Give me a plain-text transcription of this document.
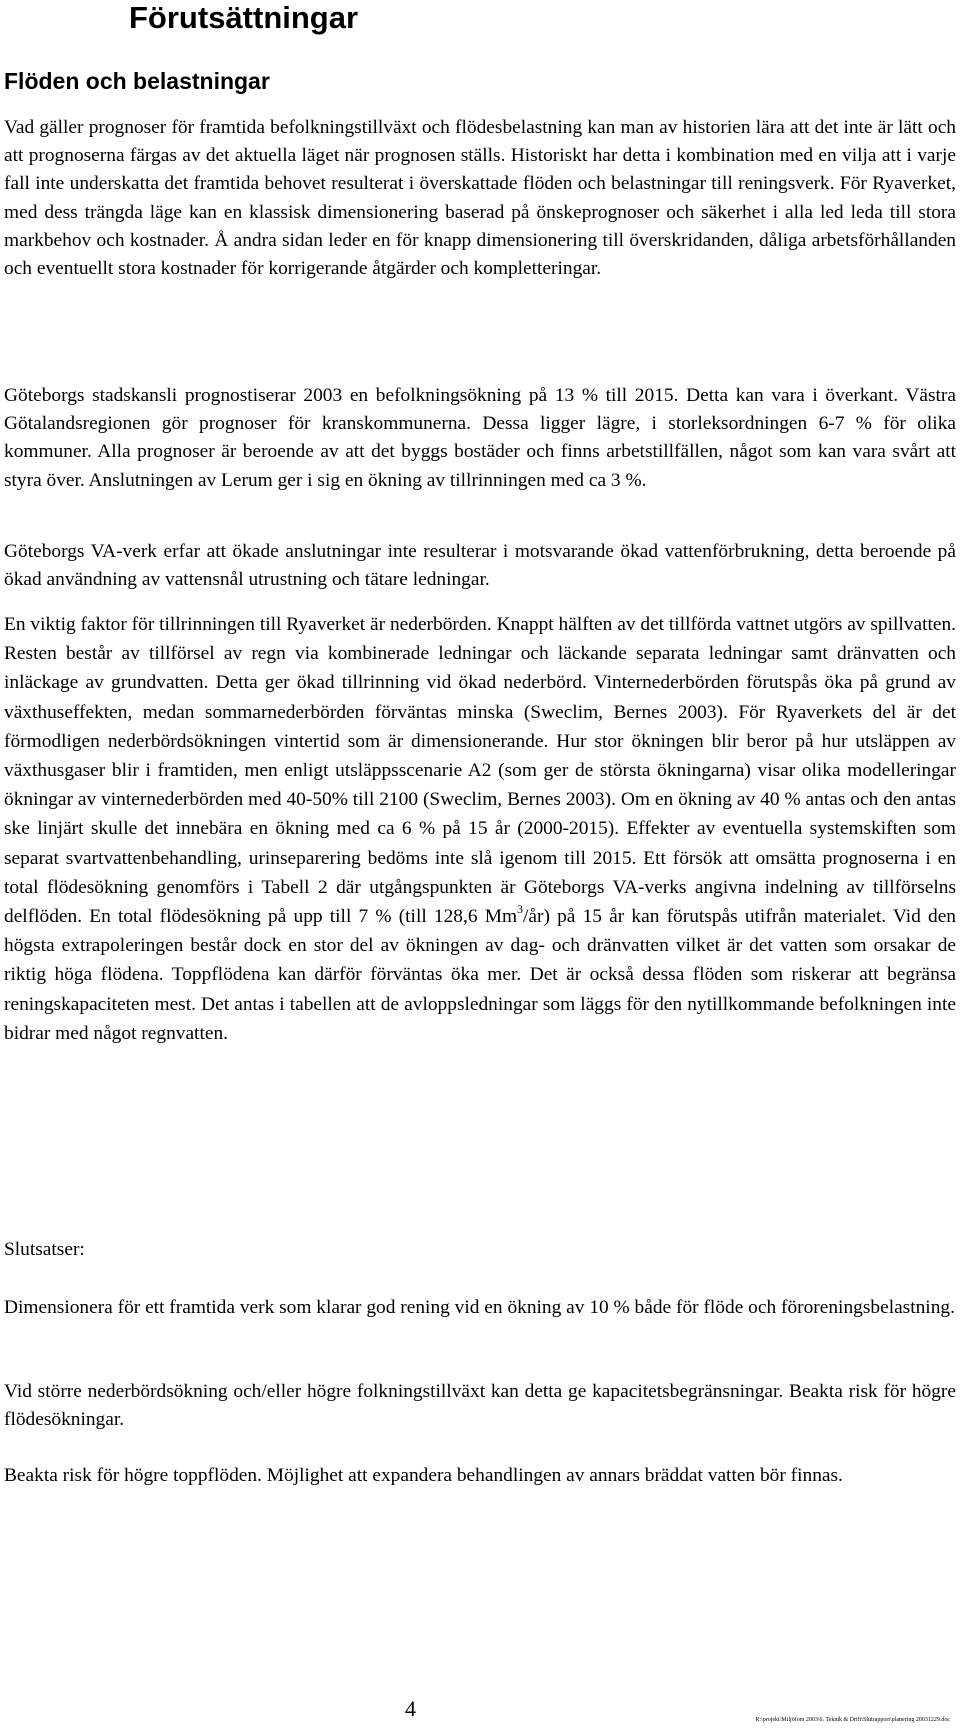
Förutsättningar
Flöden och belastningar

Vad gäller prognoser för framtida befolkningstillväxt och flödesbelastning kan man av historien lära att det inte är lätt och att prognoserna färgas av det aktuella läget när prognosen ställs. Historiskt har detta i kombination med en vilja att i varje fall inte underskatta det framtida behovet resulterat i överskattade flöden och belastningar till reningsverk. För Ryaverket, med dess trängda läge kan en klassisk dimensionering baserad på önskeprognoser och säkerhet i alla led leda till stora markbehov och kostnader. Å andra sidan leder en för knapp dimensionering till överskridanden, dåliga arbetsförhållanden och eventuellt stora kostnader för korrigerande åtgärder och kompletteringar.

Göteborgs stadskansli prognostiserar 2003 en befolkningsökning på 13 % till 2015. Detta kan vara i överkant. Västra Götalandsregionen gör prognoser för kranskommunerna. Dessa ligger lägre, i storleksordningen 6-7 % för olika kommuner. Alla prognoser är beroende av att det byggs bostäder och finns arbetstillfällen, något som kan vara svårt att styra över. Anslutningen av Lerum ger i sig en ökning av tillrinningen med ca 3 %.

Göteborgs VA-verk erfar att ökade anslutningar inte resulterar i motsvarande ökad vattenförbrukning, detta beroende på ökad användning av vattensnål utrustning och tätare ledningar.

En viktig faktor för tillrinningen till Ryaverket är nederbörden. Knappt hälften av det tillförda vattnet utgörs av spillvatten. Resten består av tillförsel av regn via kombinerade ledningar och läckande separata ledningar samt dränvatten och inläckage av grundvatten. Detta ger ökad tillrinning vid ökad nederbörd. Vinternederbörden förutspås öka på grund av växthuseffekten, medan sommarnederbörden förväntas minska (Sweclim, Bernes 2003). För Ryaverkets del är det förmodligen nederbördsökningen vintertid som är dimensionerande. Hur stor ökningen blir beror på hur utsläppen av växthusgaser blir i framtiden, men enligt utsläppsscenarie A2 (som ger de största ökningarna) visar olika modelleringar ökningar av vinternederbörden med 40-50% till 2100 (Sweclim, Bernes 2003). Om en ökning av 40 % antas och den antas ske linjärt skulle det innebära en ökning med ca 6 % på 15 år (2000-2015). Effekter av eventuella systemskiften som separat svartvattenbehandling, urinseparering bedöms inte slå igenom till 2015. Ett försök att omsätta prognoserna i en total flödesökning genomförs i Tabell 2 där utgångspunkten är Göteborgs VA-verks angivna indelning av tillförselns delflöden. En total flödesökning på upp till 7 % (till 128,6 Mm$^3$/år) på 15 år kan förutspås utifrån materialet. Vid den högsta extrapoleringen består dock en stor del av ökningen av dag- och dränvatten vilket är det vatten som orsakar de riktig höga flödena. Toppflödena kan därför förväntas öka mer. Det är också dessa flöden som riskerar att begränsa reningskapaciteten mest. Det antas i tabellen att de avloppsledningar som läggs för den nytillkommande befolkningen inte bidrar med något regnvatten.

Slutsatser:

Dimensionera för ett framtida verk som klarar god rening vid en ökning av 10 % både för flöde och föroreningsbelastning.

Vid större nederbördsökning och/eller högre folkningstillväxt kan detta ge kapacitetsbegränsningar. Beakta risk för högre flödesökningar.

Beakta risk för högre toppflöden. Möjlighet att expandera behandlingen av annars bräddat vatten bör finnas.

4	R:\projekt\Miljöfom 2003\6. Teknik & Drift\Slutrapport\planering 20031229.doc
